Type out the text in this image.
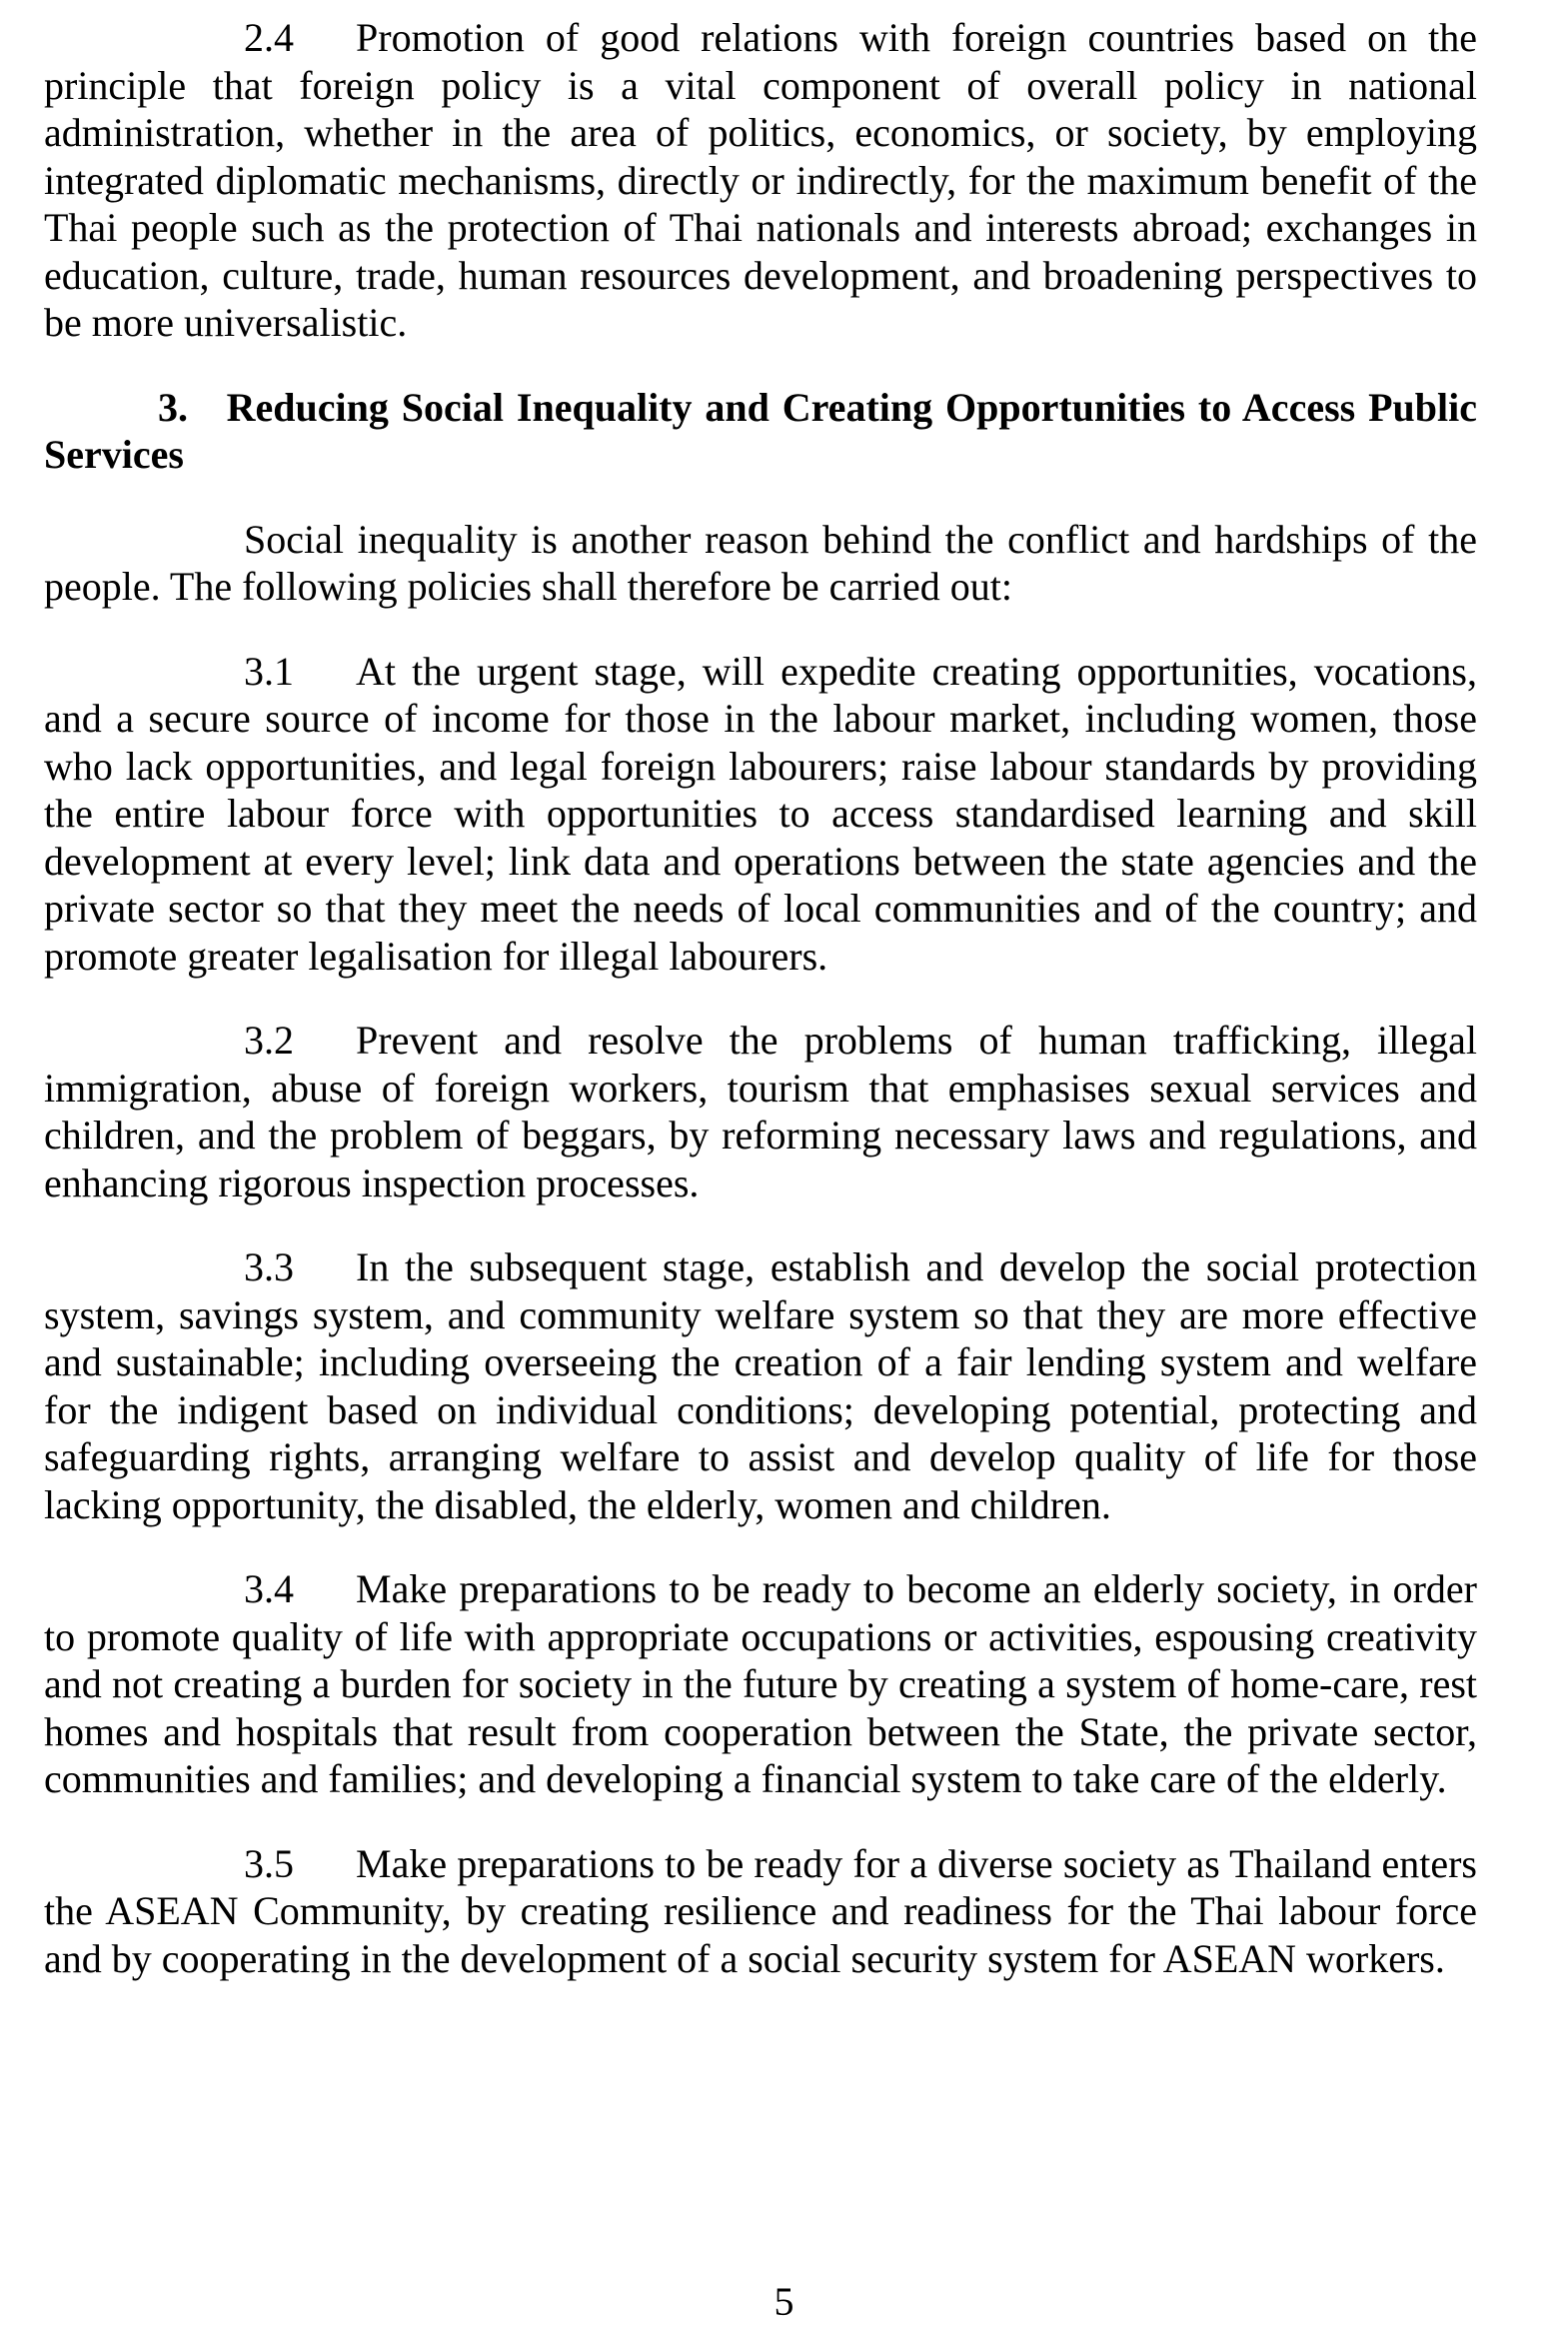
2.4 Promotion of good relations with foreign countries based on the principle that foreign policy is a vital component of overall policy in national administration, whether in the area of politics, economics, or society, by employing integrated diplomatic mechanisms, directly or indirectly, for the maximum benefit of the Thai people such as the protection of Thai nationals and interests abroad; exchanges in education, culture, trade, human resources development, and broadening perspectives to be more universalistic.

3. Reducing Social Inequality and Creating Opportunities to Access Public Services

Social inequality is another reason behind the conflict and hardships of the people. The following policies shall therefore be carried out:

3.1 At the urgent stage, will expedite creating opportunities, vocations, and a secure source of income for those in the labour market, including women, those who lack opportunities, and legal foreign labourers; raise labour standards by providing the entire labour force with opportunities to access standardised learning and skill development at every level; link data and operations between the state agencies and the private sector so that they meet the needs of local communities and of the country; and promote greater legalisation for illegal labourers.

3.2 Prevent and resolve the problems of human trafficking, illegal immigration, abuse of foreign workers, tourism that emphasises sexual services and children, and the problem of beggars, by reforming necessary laws and regulations, and enhancing rigorous inspection processes.

3.3 In the subsequent stage, establish and develop the social protection system, savings system, and community welfare system so that they are more effective and sustainable; including overseeing the creation of a fair lending system and welfare for the indigent based on individual conditions; developing potential, protecting and safeguarding rights, arranging welfare to assist and develop quality of life for those lacking opportunity, the disabled, the elderly, women and children.

3.4 Make preparations to be ready to become an elderly society, in order to promote quality of life with appropriate occupations or activities, espousing creativity and not creating a burden for society in the future by creating a system of home-care, rest homes and hospitals that result from cooperation between the State, the private sector, communities and families; and developing a financial system to take care of the elderly.

3.5 Make preparations to be ready for a diverse society as Thailand enters the ASEAN Community, by creating resilience and readiness for the Thai labour force and by cooperating in the development of a social security system for ASEAN workers.

5
